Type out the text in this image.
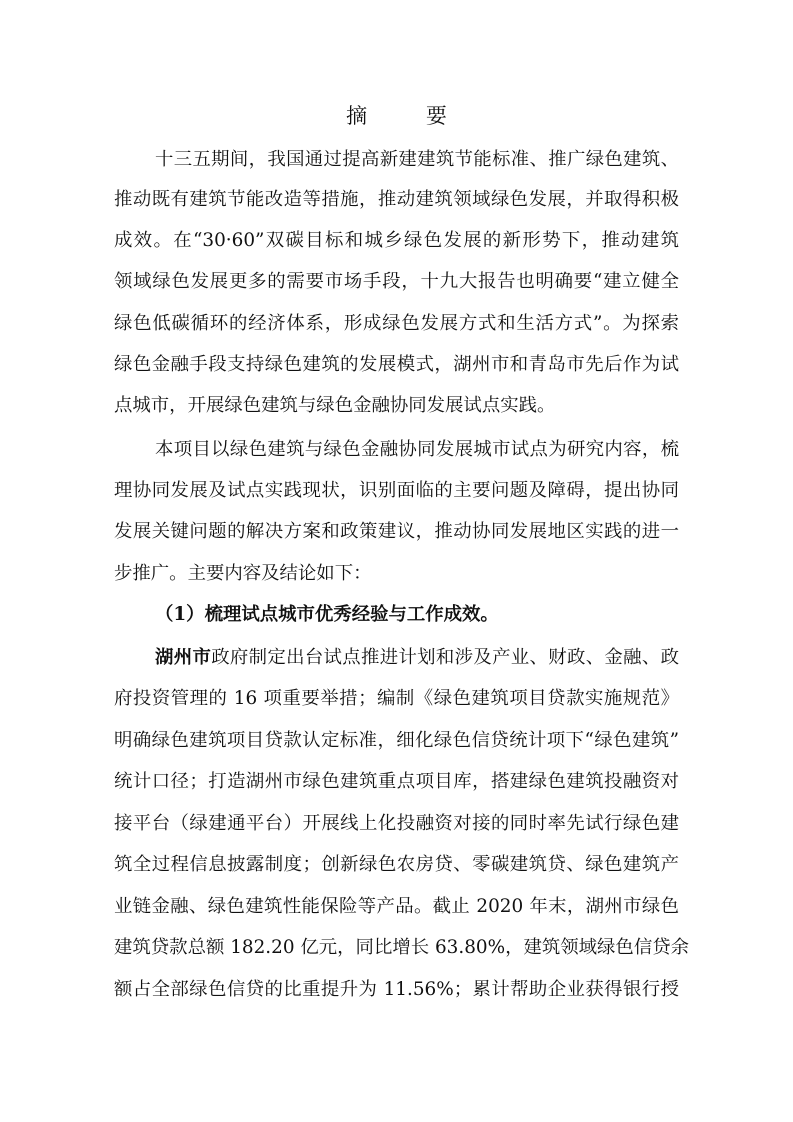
摘 要
十三五期间，我国通过提高新建建筑节能标准、推广绿色建筑、
推动既有建筑节能改造等措施，推动建筑领域绿色发展，并取得积极
成效。在“30·60”双碳目标和城乡绿色发展的新形势下，推动建筑
领域绿色发展更多的需要市场手段，十九大报告也明确要“建立健全
绿色低碳循环的经济体系，形成绿色发展方式和生活方式”。为探索
绿色金融手段支持绿色建筑的发展模式，湖州市和青岛市先后作为试
点城市，开展绿色建筑与绿色金融协同发展试点实践。
本项目以绿色建筑与绿色金融协同发展城市试点为研究内容，梳
理协同发展及试点实践现状，识别面临的主要问题及障碍，提出协同
发展关键问题的解决方案和政策建议，推动协同发展地区实践的进一
步推广。主要内容及结论如下：
（1）梳理试点城市优秀经验与工作成效。
湖州市政府制定出台试点推进计划和涉及产业、财政、金融、政
府投资管理的 16 项重要举措；编制《绿色建筑项目贷款实施规范》
明确绿色建筑项目贷款认定标准，细化绿色信贷统计项下“绿色建筑”
统计口径；打造湖州市绿色建筑重点项目库，搭建绿色建筑投融资对
接平台（绿建通平台）开展线上化投融资对接的同时率先试行绿色建
筑全过程信息披露制度；创新绿色农房贷、零碳建筑贷、绿色建筑产
业链金融、绿色建筑性能保险等产品。截止 2020 年末，湖州市绿色
建筑贷款总额 182.20 亿元，同比增长 63.80%，建筑领域绿色信贷余
额占全部绿色信贷的比重提升为 11.56%；累计帮助企业获得银行授
